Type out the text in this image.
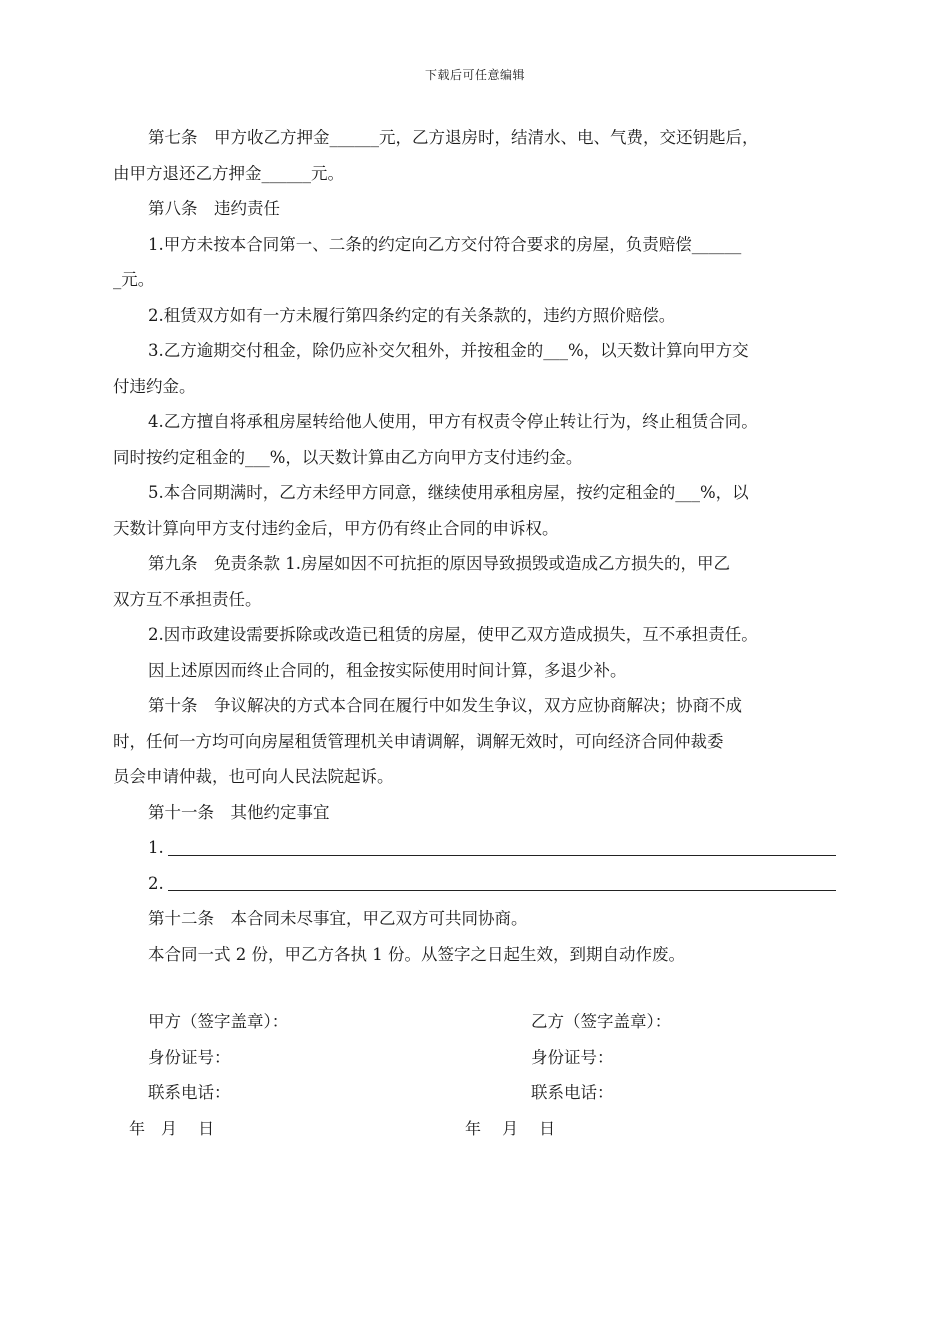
下载后可任意编辑

第七条　甲方收乙方押金______元，乙方退房时，结清水、电、气费，交还钥匙后，

由甲方退还乙方押金______元。

第八条　违约责任

1.甲方未按本合同第一、二条的约定向乙方交付符合要求的房屋，负责赔偿______

_元。

2.租赁双方如有一方未履行第四条约定的有关条款的，违约方照价赔偿。

3.乙方逾期交付租金，除仍应补交欠租外，并按租金的___%，以天数计算向甲方交

付违约金。

4.乙方擅自将承租房屋转给他人使用，甲方有权责令停止转让行为，终止租赁合同。

同时按约定租金的___%，以天数计算由乙方向甲方支付违约金。

5.本合同期满时，乙方未经甲方同意，继续使用承租房屋，按约定租金的___%，以

天数计算向甲方支付违约金后，甲方仍有终止合同的申诉权。

第九条　免责条款 1.房屋如因不可抗拒的原因导致损毁或造成乙方损失的，甲乙

双方互不承担责任。

2.因市政建设需要拆除或改造已租赁的房屋，使甲乙双方造成损失，互不承担责任。

因上述原因而终止合同的，租金按实际使用时间计算，多退少补。

第十条　争议解决的方式本合同在履行中如发生争议，双方应协商解决；协商不成

时，任何一方均可向房屋租赁管理机关申请调解，调解无效时，可向经济合同仲裁委

员会申请仲裁，也可向人民法院起诉。

第十一条　其他约定事宜

1.
2.

第十二条　本合同未尽事宜，甲乙双方可共同协商。

本合同一式 2 份，甲乙方各执 1 份。从签字之日起生效，到期自动作废。

甲方（签字盖章）：	乙方（签字盖章）：
身份证号：	身份证号：
联系电话：	联系电话：
年　月　 日	年　 月　 日
